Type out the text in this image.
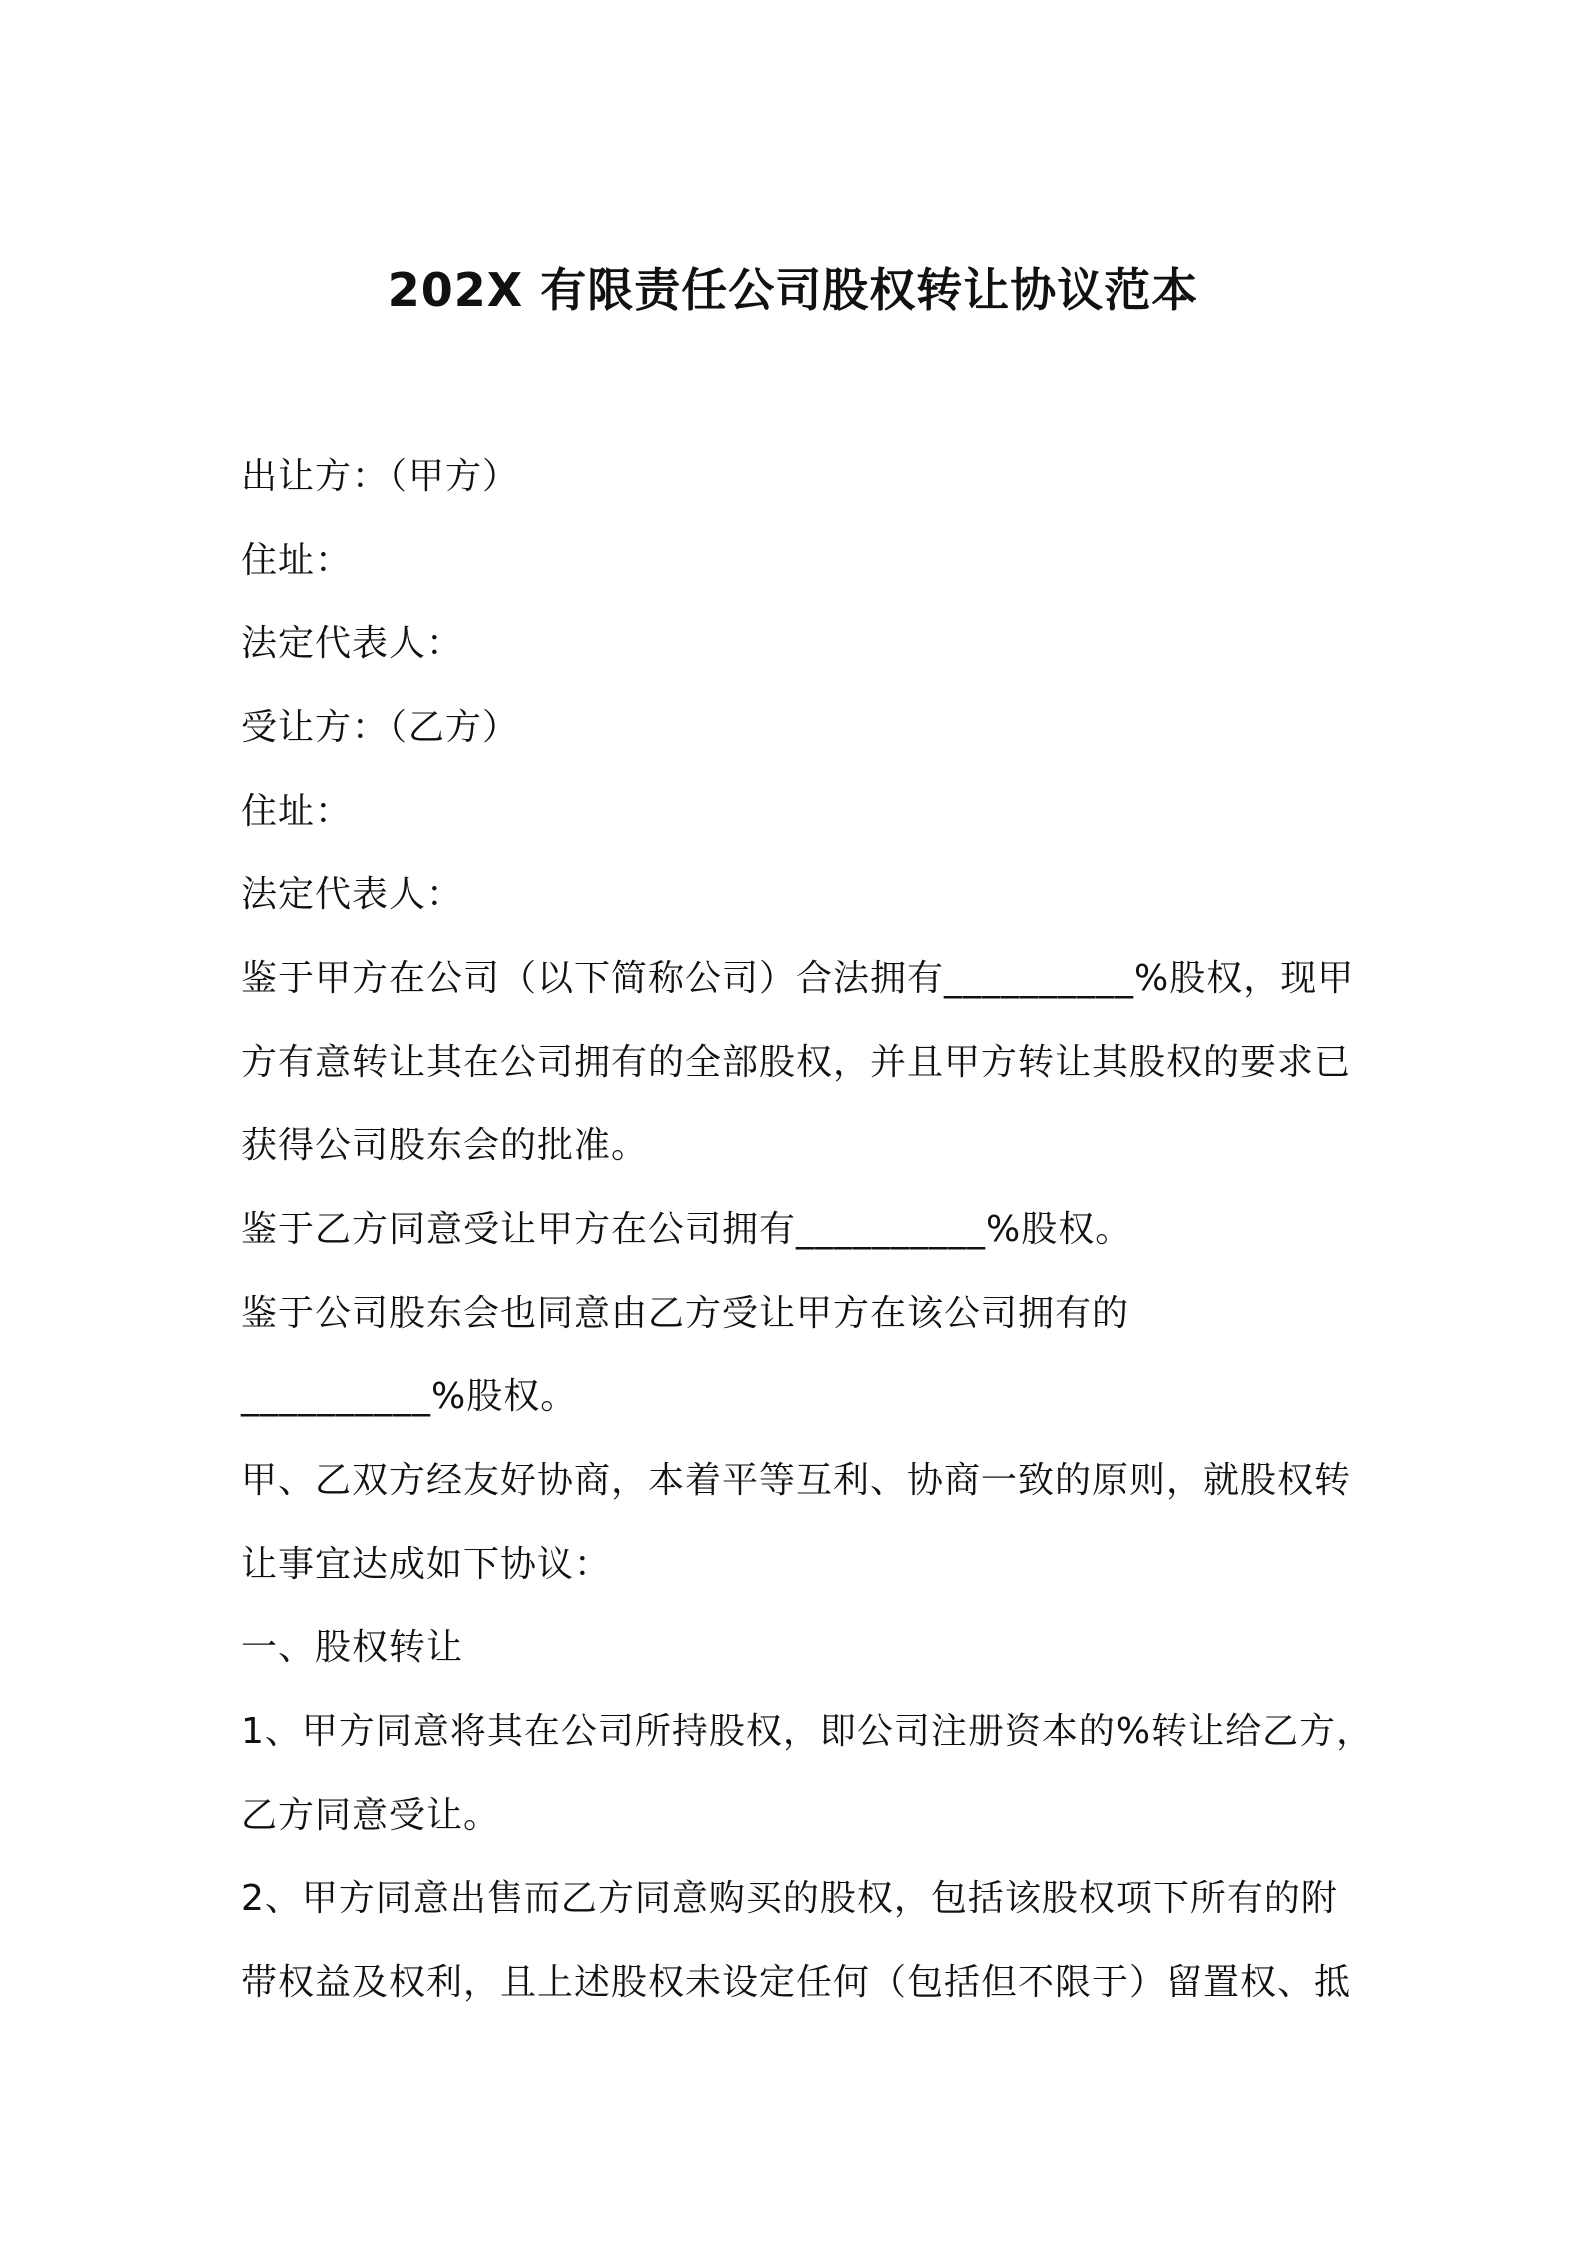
202X 有限责任公司股权转让协议范本
出让方：（甲方）
住址：
法定代表人：
受让方：（乙方）
住址：
法定代表人：
鉴于甲方在公司（以下简称公司）合法拥有__________%股权，现甲
方有意转让其在公司拥有的全部股权，并且甲方转让其股权的要求已
获得公司股东会的批准。
鉴于乙方同意受让甲方在公司拥有__________%股权。
鉴于公司股东会也同意由乙方受让甲方在该公司拥有的
__________%股权。
甲、乙双方经友好协商，本着平等互利、协商一致的原则，就股权转
让事宜达成如下协议：
一、股权转让
1、甲方同意将其在公司所持股权，即公司注册资本的%转让给乙方，
乙方同意受让。
2、甲方同意出售而乙方同意购买的股权，包括该股权项下所有的附
带权益及权利，且上述股权未设定任何（包括但不限于）留置权、抵
